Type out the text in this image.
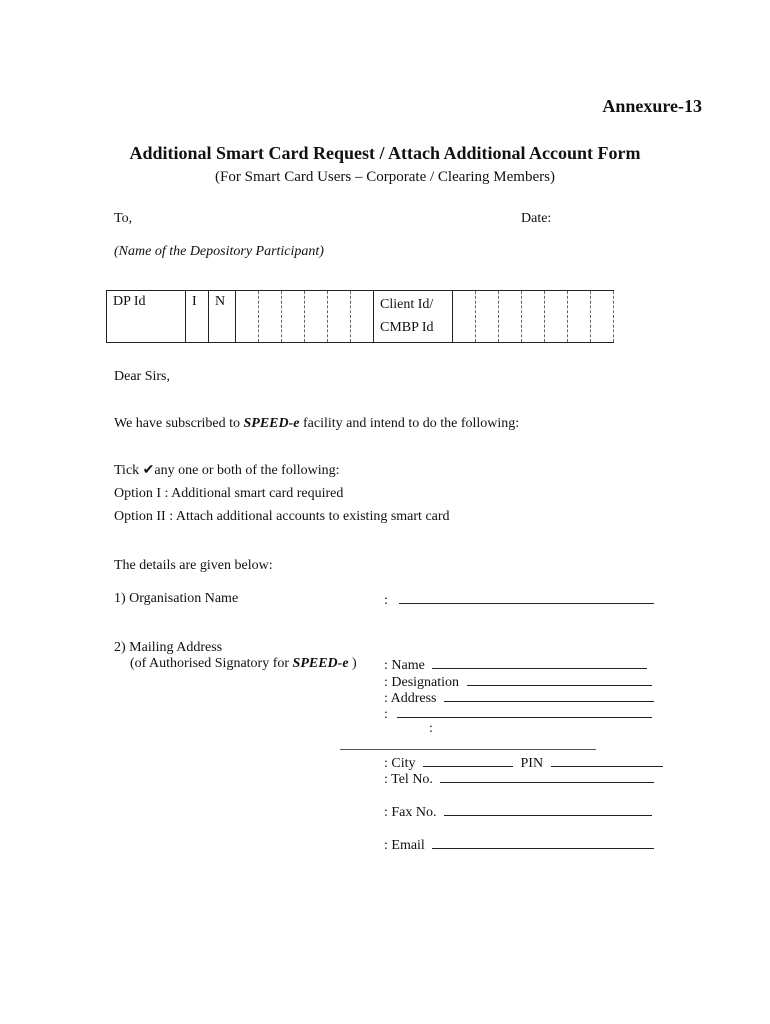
Annexure-13
Additional Smart Card Request / Attach Additional Account Form
(For Smart Card Users – Corporate / Clearing Members)
To,	Date:
(Name of the Depository Participant)
DP Id	I	N							Client Id/
CMBP Id							
Dear Sirs,
We have subscribed to SPEED-e facility and intend to do the following:
Tick ✔any one or both of the following:
Option I : Additional smart card required
Option II : Attach additional accounts to existing smart card
The details are given below:
1) Organisation Name	:
2) Mailing Address
(of Authorised Signatory for SPEED-e ) : Name
: Designation
: Address
:
:
: City	PIN
: Tel No.
: Fax No.
: Email
